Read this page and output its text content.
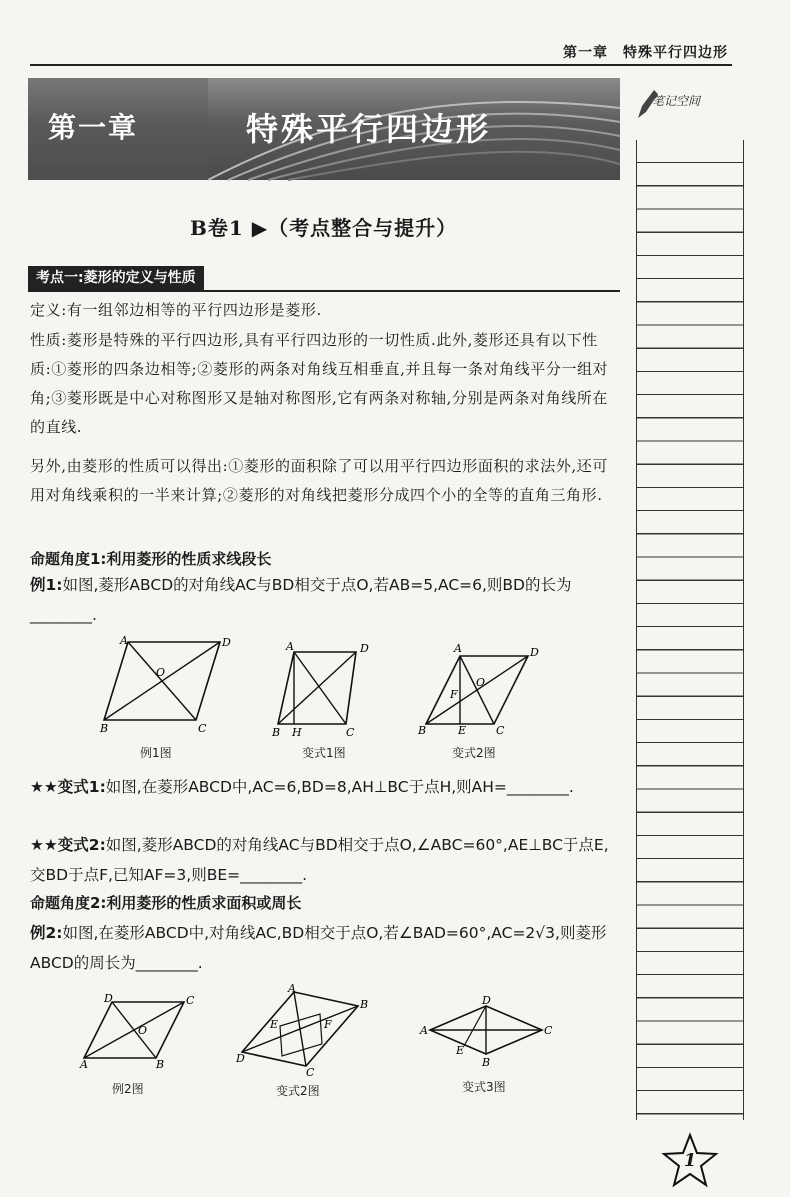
第一章　特殊平行四边形
第一章	特殊平行四边形
笔记空间
B卷1 ▶（考点整合与提升）
考点一:菱形的定义与性质
定义:有一组邻边相等的平行四边形是菱形.
性质:菱形是特殊的平行四边形,具有平行四边形的一切性质.此外,菱形还具有以下性质:①菱形的四条边相等;②菱形的两条对角线互相垂直,并且每一条对角线平分一组对角;③菱形既是中心对称图形又是轴对称图形,它有两条对称轴,分别是两条对角线所在的直线.
另外,由菱形的性质可以得出:①菱形的面积除了可以用平行四边形面积的求法外,还可用对角线乘积的一半来计算;②菱形的对角线把菱形分成四个小的全等的直角三角形.
命题角度1:利用菱形的性质求线段长
例1:如图,菱形ABCD的对角线AC与BD相交于点O,若AB=5,AC=6,则BD的长为________.
A	D
B	C
O
例1图
A	D
B H	C
变式1图
A	D
B	E	C
F
O
变式2图
★★变式1:如图,在菱形ABCD中,AC=6,BD=8,AH⊥BC于点H,则AH=________.
★★变式2:如图,菱形ABCD的对角线AC与BD相交于点O,∠ABC=60°,AE⊥BC于点E,交BD于点F,已知AF=3,则BE=________.
命题角度2:利用菱形的性质求面积或周长
例2:如图,在菱形ABCD中,对角线AC,BD相交于点O,若∠BAD=60°,AC=2√3,则菱形ABCD的周长为________.
D	C
A	B
O
例2图
A
B
D
C
E	F
变式2图
A	C
D
B
E
变式3图
1
